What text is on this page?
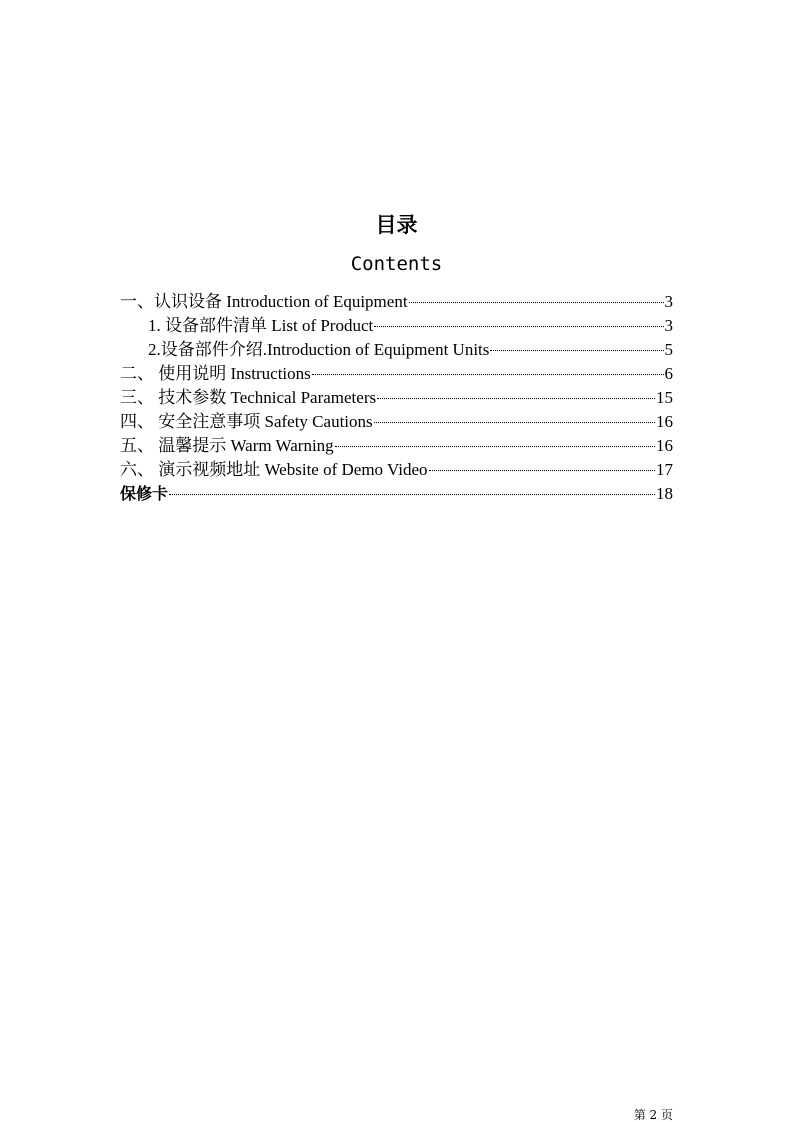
目录
Contents
一、认识设备 Introduction of Equipment	3
1. 设备部件清单 List of Product	3
2.设备部件介绍.Introduction of Equipment Units	5
二、 使用说明 Instructions	6
三、 技术参数 Technical Parameters	15
四、 安全注意事项 Safety Cautions	16
五、 温馨提示 Warm Warning	16
六、 演示视频地址 Website of Demo Video	17
保修卡	18
第 2 页
